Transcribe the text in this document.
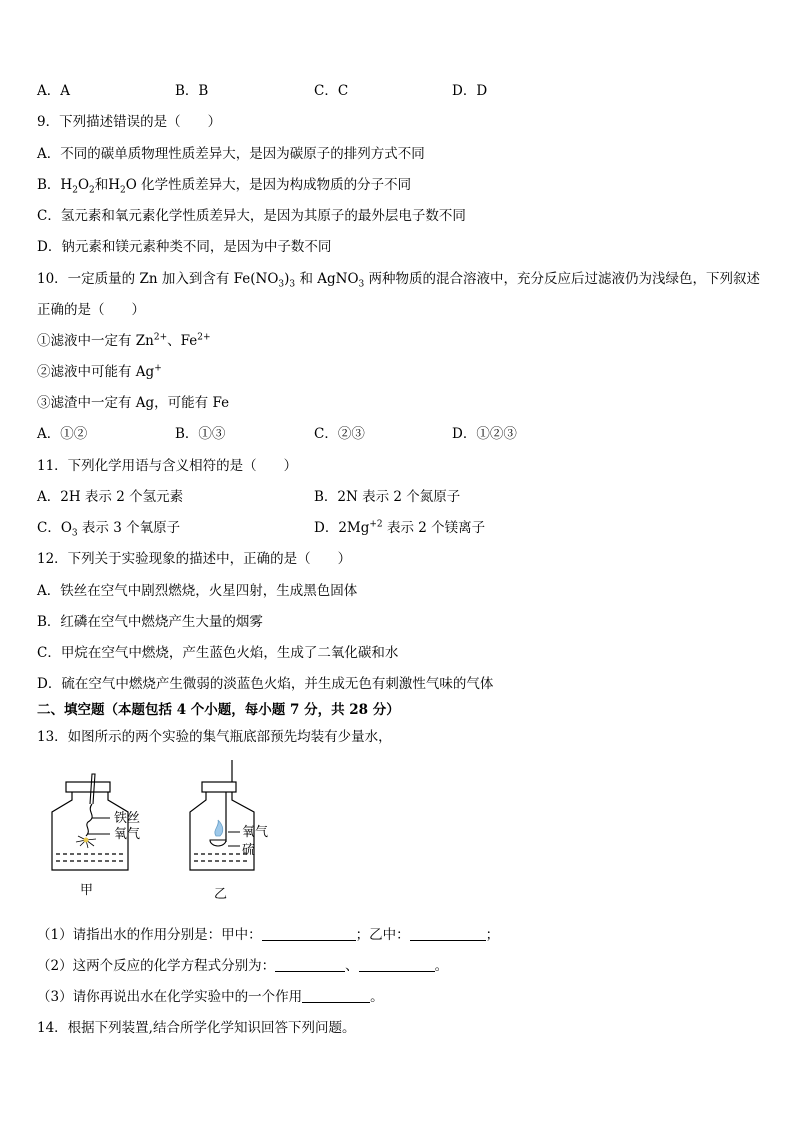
A．A	B．B	C．C	D．D
9．下列描述错误的是（　　）
A．不同的碳单质物理性质差异大，是因为碳原子的排列方式不同
B．$H_2O_2$和$H_2O$ 化学性质差异大，是因为构成物质的分子不同
C．氢元素和氧元素化学性质差异大，是因为其原子的最外层电子数不同
D．钠元素和镁元素种类不同，是因为中子数不同
10．一定质量的 Zn 加入到含有 $Fe(NO_3)_3$ 和 AgNO$_3$ 两种物质的混合溶液中，充分反应后过滤液仍为浅绿色，下列叙述
正确的是（　　）
①滤液中一定有 $Zn^{2+}$、$Fe^{2+}$
②滤液中可能有 Ag+
③滤渣中一定有 Ag，可能有 Fe
A．①②	B．①③	C．②③	D．①②③
11．下列化学用语与含义相符的是（　　）
A．2H 表示 2 个氢元素	B．2N 表示 2 个氮原子
C．$O_3$ 表示 3 个氧原子	D．$2Mg^{+2}$ 表示 2 个镁离子
12．下列关于实验现象的描述中，正确的是（　　）
A．铁丝在空气中剧烈燃烧，火星四射，生成黑色固体
B．红磷在空气中燃烧产生大量的烟雾
C．甲烷在空气中燃烧，产生蓝色火焰，生成了二氧化碳和水
D．硫在空气中燃烧产生微弱的淡蓝色火焰，并生成无色有刺激性气味的气体
二、填空题（本题包括 4 个小题，每小题 7 分，共 28 分）
13．如图所示的两个实验的集气瓶底部预先均装有少量水，
铁丝
氧气
甲
氧气
硫
乙
（1）请指出水的作用分别是：甲中：	；乙中：	；
（2）这两个反应的化学方程式分别为：	、	。
（3）请你再说出水在化学实验中的一个作用	。
14．根据下列装置,结合所学化学知识回答下列问题。
